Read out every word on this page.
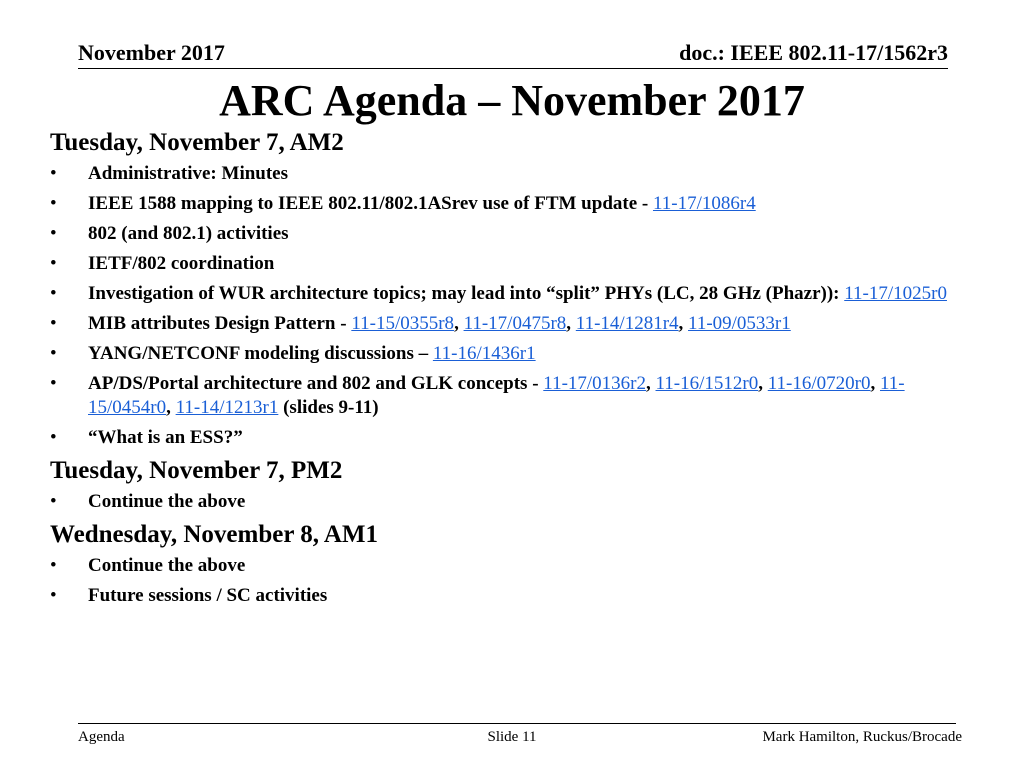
November 2017	doc.: IEEE 802.11-17/1562r3
ARC Agenda – November 2017
Tuesday, November 7, AM2
• Administrative: Minutes
• IEEE 1588 mapping to IEEE 802.11/802.1ASrev use of FTM update - 11-17/1086r4
• 802 (and 802.1) activities
• IETF/802 coordination
• Investigation of WUR architecture topics; may lead into “split” PHYs (LC, 28 GHz (Phazr)): 11-17/1025r0
• MIB attributes Design Pattern - 11-15/0355r8, 11-17/0475r8, 11-14/1281r4, 11-09/0533r1
• YANG/NETCONF modeling discussions – 11-16/1436r1
• AP/DS/Portal architecture and 802 and GLK concepts - 11-17/0136r2, 11-16/1512r0, 11-16/0720r0, 11-15/0454r0, 11-14/1213r1 (slides 9-11)
• “What is an ESS?”
Tuesday, November 7, PM2
• Continue the above
Wednesday, November 8, AM1
• Continue the above
• Future sessions / SC activities
Agenda	Slide 11	Mark Hamilton, Ruckus/Brocade
